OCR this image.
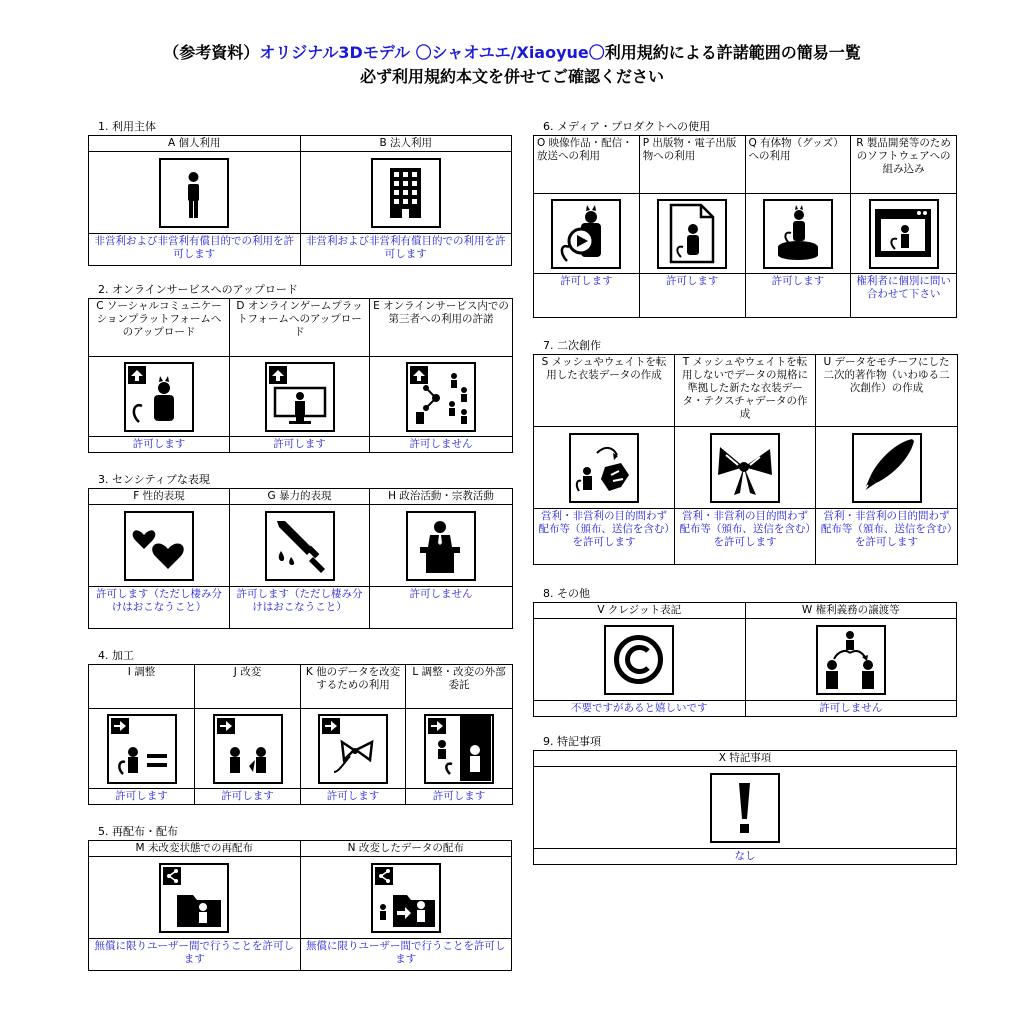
（参考資料）オリジナル3Dモデル 〇シャオユエ/Xiaoyue〇利用規約による許諾範囲の簡易一覧
必ず利用規約本文を併せてご確認ください
1. 利用主体
A 個人利用	B 法人利用

非営利および非営利有償目的での利用を許可します	非営利および非営利有償目的での利用を許可します
2. オンラインサービスへのアップロード
C ソーシャルコミュニケーションプラットフォームへのアップロード	D オンラインゲームプラットフォームへのアップロード	E オンラインサービス内での第三者への利用の許諾

許可します	許可します	許可しません
3. センシティブな表現
F 性的表現	G 暴力的表現	H 政治活動・宗教活動

許可します（ただし棲み分けはおこなうこと）	許可します（ただし棲み分けはおこなうこと）	許可しません
4. 加工
I 調整	J 改変	K 他のデータを改変するための利用	L 調整・改変の外部委託

許可します	許可します	許可します	許可します
5. 再配布・配布
M 未改変状態での再配布	N 改変したデータの配布

無償に限りユーザー間で行うことを許可します	無償に限りユーザー間で行うことを許可します
6. メディア・プロダクトへの使用
O 映像作品・配信・放送への利用	P 出版物・電子出版物への利用	Q 有体物（グッズ）への利用	R 製品開発等のためのソフトウェアへの組み込み

許可します	許可します	許可します	権利者に個別に問い合わせて下さい
7. 二次創作
S メッシュやウェイトを転用した衣装データの作成	T メッシュやウェイトを転用しないでデータの規格に準拠した新たな衣装データ・テクスチャデータの作成	U データをモチーフにした二次的著作物（いわゆる二次創作）の作成

営利・非営利の目的問わず配布等（頒布、送信を含む）を許可します	営利・非営利の目的問わず配布等（頒布、送信を含む）を許可します	営利・非営利の目的問わず配布等（頒布、送信を含む）を許可します
8. その他
V クレジット表記	W 権利義務の譲渡等

不要ですがあると嬉しいです	許可しません
9. 特記事項
X 特記事項

なし
